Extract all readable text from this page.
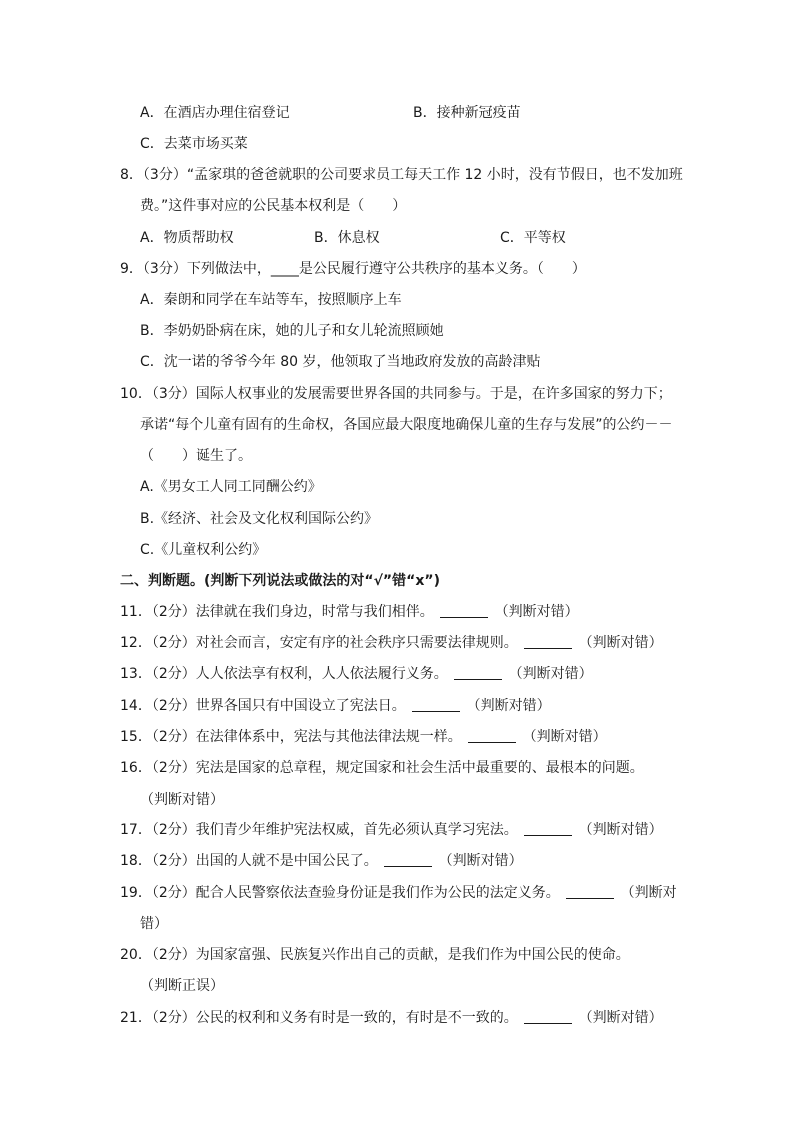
A．在酒店办理住宿登记	B．接种新冠疫苗
C．去菜市场买菜
8．（3分）“孟家琪的爸爸就职的公司要求员工每天工作 12 小时，没有节假日，也不发加班
费。”这件事对应的公民基本权利是（　　）
A．物质帮助权	B．休息权	C．平等权
9．（3分）下列做法中，____是公民履行遵守公共秩序的基本义务。（　　）
A．秦朗和同学在车站等车，按照顺序上车
B．李奶奶卧病在床，她的儿子和女儿轮流照顾她
C．沈一诺的爷爷今年 80 岁，他领取了当地政府发放的高龄津贴
10．（3分）国际人权事业的发展需要世界各国的共同参与。于是，在许多国家的努力下；
承诺“每个儿童有固有的生命权，各国应最大限度地确保儿童的生存与发展”的公约－－
（　　）诞生了。
A.《男女工人同工同酬公约》
B.《经济、社会及文化权利国际公约》
C.《儿童权利公约》
二、判断题。(判断下列说法或做法的对“√”错“x”)
11．（2分）法律就在我们身边，时常与我们相伴。	（判断对错）
12．（2分）对社会而言，安定有序的社会秩序只需要法律规则。	（判断对错）
13．（2分）人人依法享有权利，人人依法履行义务。	（判断对错）
14．（2分）世界各国只有中国设立了宪法日。	（判断对错）
15．（2分）在法律体系中，宪法与其他法律法规一样。	（判断对错）
16．（2分）宪法是国家的总章程，规定国家和社会生活中最重要的、最根本的问题。
（判断对错）
17．（2分）我们青少年维护宪法权威，首先必须认真学习宪法。	（判断对错）
18．（2分）出国的人就不是中国公民了。	（判断对错）
19．（2分）配合人民警察依法查验身份证是我们作为公民的法定义务。	（判断对
错）
20．（2分）为国家富强、民族复兴作出自己的贡献，是我们作为中国公民的使命。
（判断正误）
21．（2分）公民的权利和义务有时是一致的，有时是不一致的。	（判断对错）
